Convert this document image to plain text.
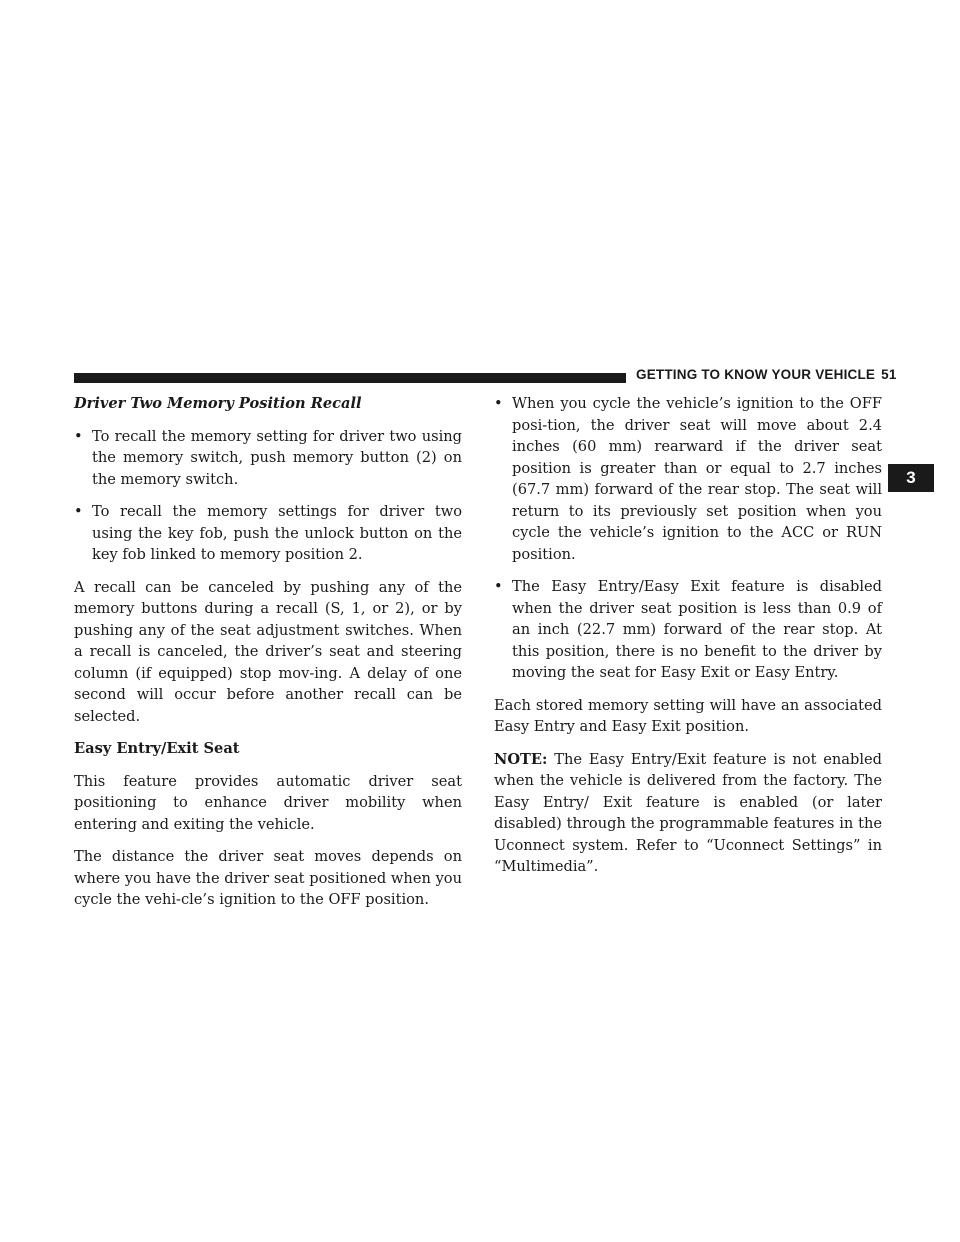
GETTING TO KNOW YOUR VEHICLE 51
3

Driver Two Memory Position Recall

• To recall the memory setting for driver two using the memory switch, push memory button (2) on the memory switch.
• To recall the memory settings for driver two using the key fob, push the unlock button on the key fob linked to memory position 2.

A recall can be canceled by pushing any of the memory buttons during a recall (S, 1, or 2), or by pushing any of the seat adjustment switches. When a recall is canceled, the driver’s seat and steering column (if equipped) stop mov-ing. A delay of one second will occur before another recall can be selected.

Easy Entry/Exit Seat

This feature provides automatic driver seat positioning to enhance driver mobility when entering and exiting the vehicle.

The distance the driver seat moves depends on where you have the driver seat positioned when you cycle the vehi-cle’s ignition to the OFF position.

• When you cycle the vehicle’s ignition to the OFF posi-tion, the driver seat will move about 2.4 inches (60 mm) rearward if the driver seat position is greater than or equal to 2.7 inches (67.7 mm) forward of the rear stop. The seat will return to its previously set position when you cycle the vehicle’s ignition to the ACC or RUN position.
• The Easy Entry/Easy Exit feature is disabled when the driver seat position is less than 0.9 of an inch (22.7 mm) forward of the rear stop. At this position, there is no benefit to the driver by moving the seat for Easy Exit or Easy Entry.

Each stored memory setting will have an associated Easy Entry and Easy Exit position.

NOTE: The Easy Entry/Exit feature is not enabled when the vehicle is delivered from the factory. The Easy Entry/ Exit feature is enabled (or later disabled) through the programmable features in the Uconnect system. Refer to “Uconnect Settings” in “Multimedia”.
